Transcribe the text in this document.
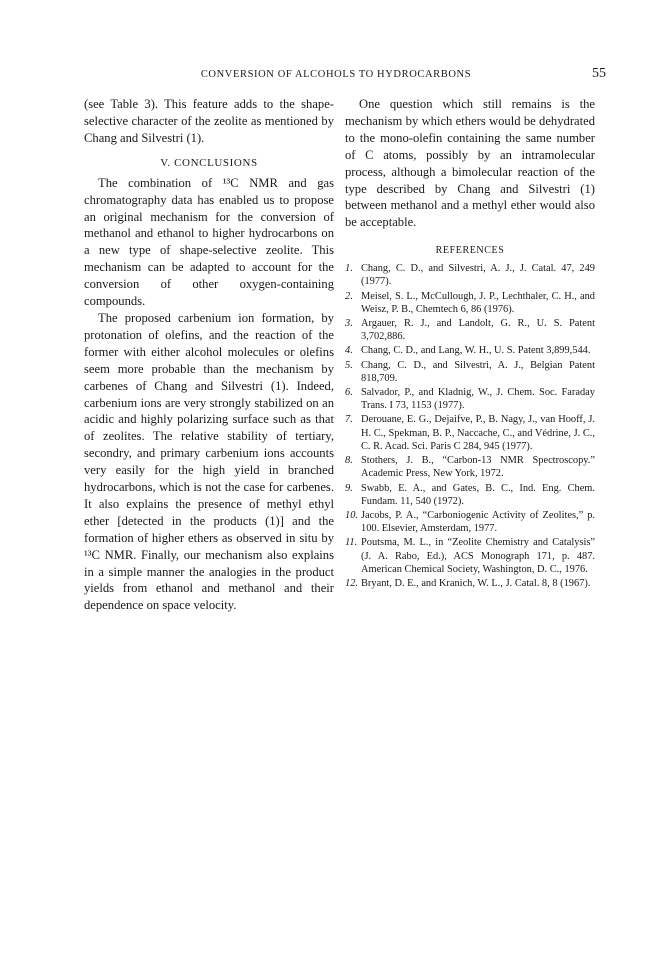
CONVERSION OF ALCOHOLS TO HYDROCARBONS	55

(see Table 3). This feature adds to the shape-selective character of the zeolite as mentioned by Chang and Silvestri (1).

V. CONCLUSIONS

The combination of ¹³C NMR and gas chromatography data has enabled us to propose an original mechanism for the conversion of methanol and ethanol to higher hydrocarbons on a new type of shape-selective zeolite. This mechanism can be adapted to account for the conversion of other oxygen-containing compounds.

The proposed carbenium ion formation, by protonation of olefins, and the reaction of the former with either alcohol molecules or olefins seem more probable than the mechanism by carbenes of Chang and Silvestri (1). Indeed, carbenium ions are very strongly stabilized on an acidic and highly polarizing surface such as that of zeolites. The relative stability of tertiary, secondry, and primary carbenium ions accounts very easily for the high yield in branched hydrocarbons, which is not the case for carbenes. It also explains the presence of methyl ethyl ether [detected in the products (1)] and the formation of higher ethers as observed in situ by ¹³C NMR. Finally, our mechanism also explains in a simple manner the analogies in the product yields from ethanol and methanol and their dependence on space velocity.

One question which still remains is the mechanism by which ethers would be dehydrated to the mono-olefin containing the same number of C atoms, possibly by an intramolecular process, although a bimolecular reaction of the type described by Chang and Silvestri (1) between methanol and a methyl ether would also be acceptable.

REFERENCES
1. Chang, C. D., and Silvestri, A. J., J. Catal. 47, 249 (1977).
2. Meisel, S. L., McCullough, J. P., Lechthaler, C. H., and Weisz, P. B., Chemtech 6, 86 (1976).
3. Argauer, R. J., and Landolt, G. R., U. S. Patent 3,702,886.
4. Chang, C. D., and Lang, W. H., U. S. Patent 3,899,544.
5. Chang, C. D., and Silvestri, A. J., Belgian Patent 818,709.
6. Salvador, P., and Kladnig, W., J. Chem. Soc. Faraday Trans. I 73, 1153 (1977).
7. Derouane, E. G., Dejaifve, P., B. Nagy, J., van Hooff, J. H. C., Spekman, B. P., Naccache, C., and Védrine, J. C., C. R. Acad. Sci. Paris C 284, 945 (1977).
8. Stothers, J. B., “Carbon-13 NMR Spectroscopy.” Academic Press, New York, 1972.
9. Swabb, E. A., and Gates, B. C., Ind. Eng. Chem. Fundam. 11, 540 (1972).
10. Jacobs, P. A., “Carboniogenic Activity of Zeolites,” p. 100. Elsevier, Amsterdam, 1977.
11. Poutsma, M. L., in “Zeolite Chemistry and Catalysis” (J. A. Rabo, Ed.), ACS Monograph 171, p. 487. American Chemical Society, Washington, D. C., 1976.
12. Bryant, D. E., and Kranich, W. L., J. Catal. 8, 8 (1967).
